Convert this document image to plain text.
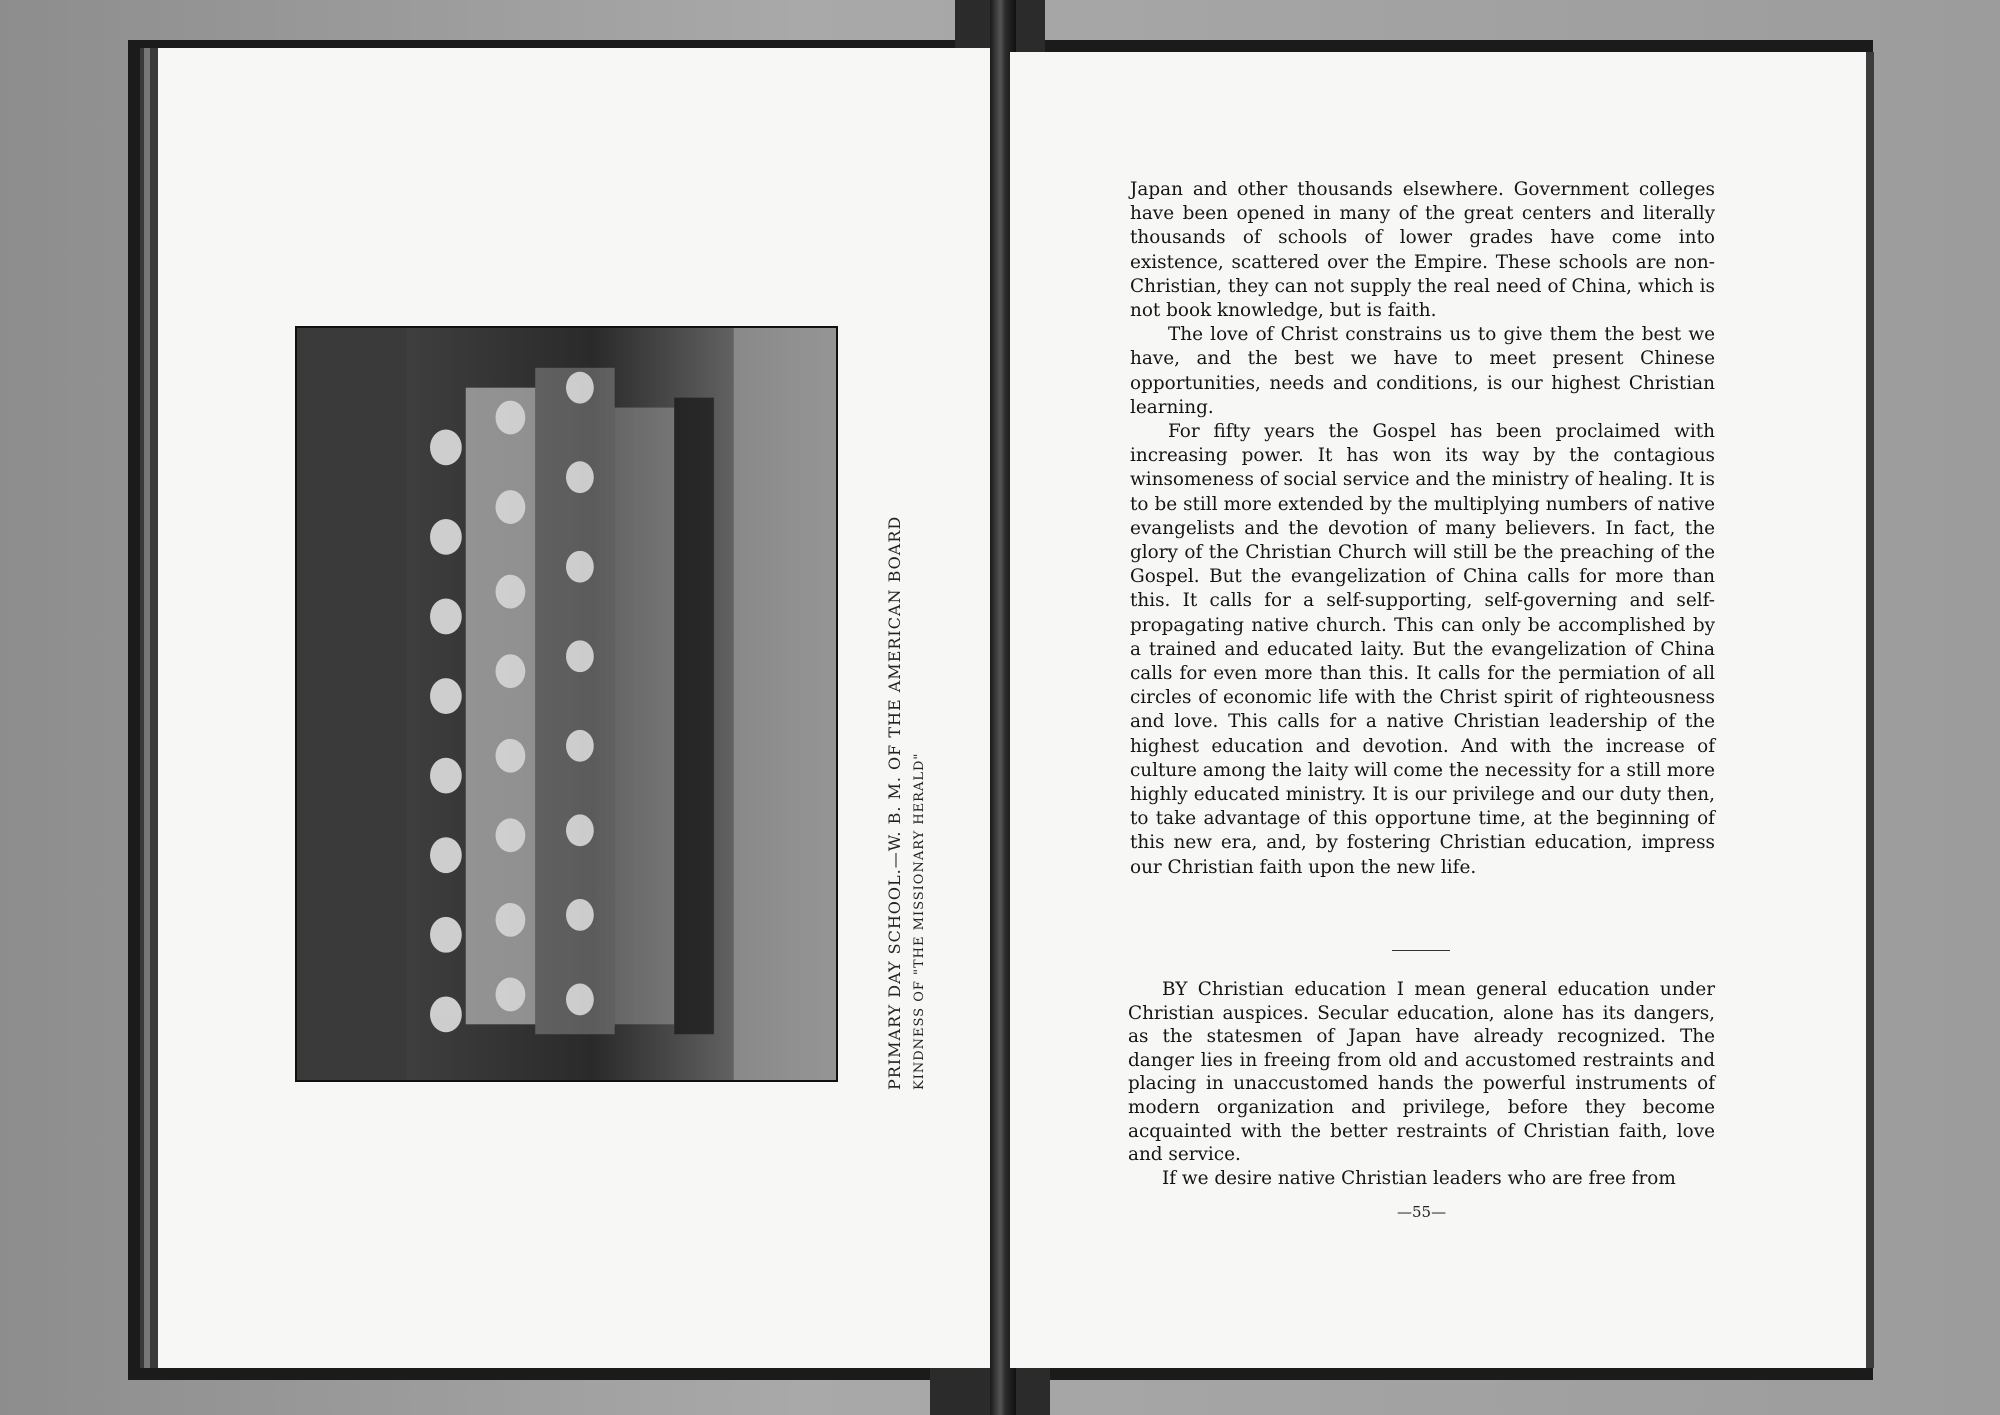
PRIMARY DAY SCHOOL.—W. B. M. OF THE AMERICAN BOARD KINDNESS OF "THE MISSIONARY HERALD"

Japan and other thousands elsewhere. Government colleges have been opened in many of the great centers and literally thousands of schools of lower grades have come into existence, scattered over the Empire. These schools are non-Christian, they can not supply the real need of China, which is not book knowledge, but is faith.

The love of Christ constrains us to give them the best we have, and the best we have to meet present Chinese opportunities, needs and conditions, is our highest Christian learning.

For fifty years the Gospel has been proclaimed with increasing power. It has won its way by the contagious winsomeness of social service and the ministry of healing. It is to be still more extended by the multiplying numbers of native evangelists and the devotion of many believers. In fact, the glory of the Christian Church will still be the preaching of the Gospel. But the evangelization of China calls for more than this. It calls for a self-supporting, self-governing and self-propagating native church. This can only be accomplished by a trained and educated laity. But the evangelization of China calls for even more than this. It calls for the permiation of all circles of economic life with the Christ spirit of righteousness and love. This calls for a native Christian leadership of the highest education and devotion. And with the increase of culture among the laity will come the necessity for a still more highly educated ministry. It is our privilege and our duty then, to take advantage of this opportune time, at the beginning of this new era, and, by fostering Christian education, impress our Christian faith upon the new life.

BY Christian education I mean general education under Christian auspices. Secular education, alone has its dangers, as the statesmen of Japan have already recognized. The danger lies in freeing from old and accustomed restraints and placing in unaccustomed hands the powerful instruments of modern organization and privilege, before they become acquainted with the better restraints of Christian faith, love and service.

If we desire native Christian leaders who are free from

—55—
